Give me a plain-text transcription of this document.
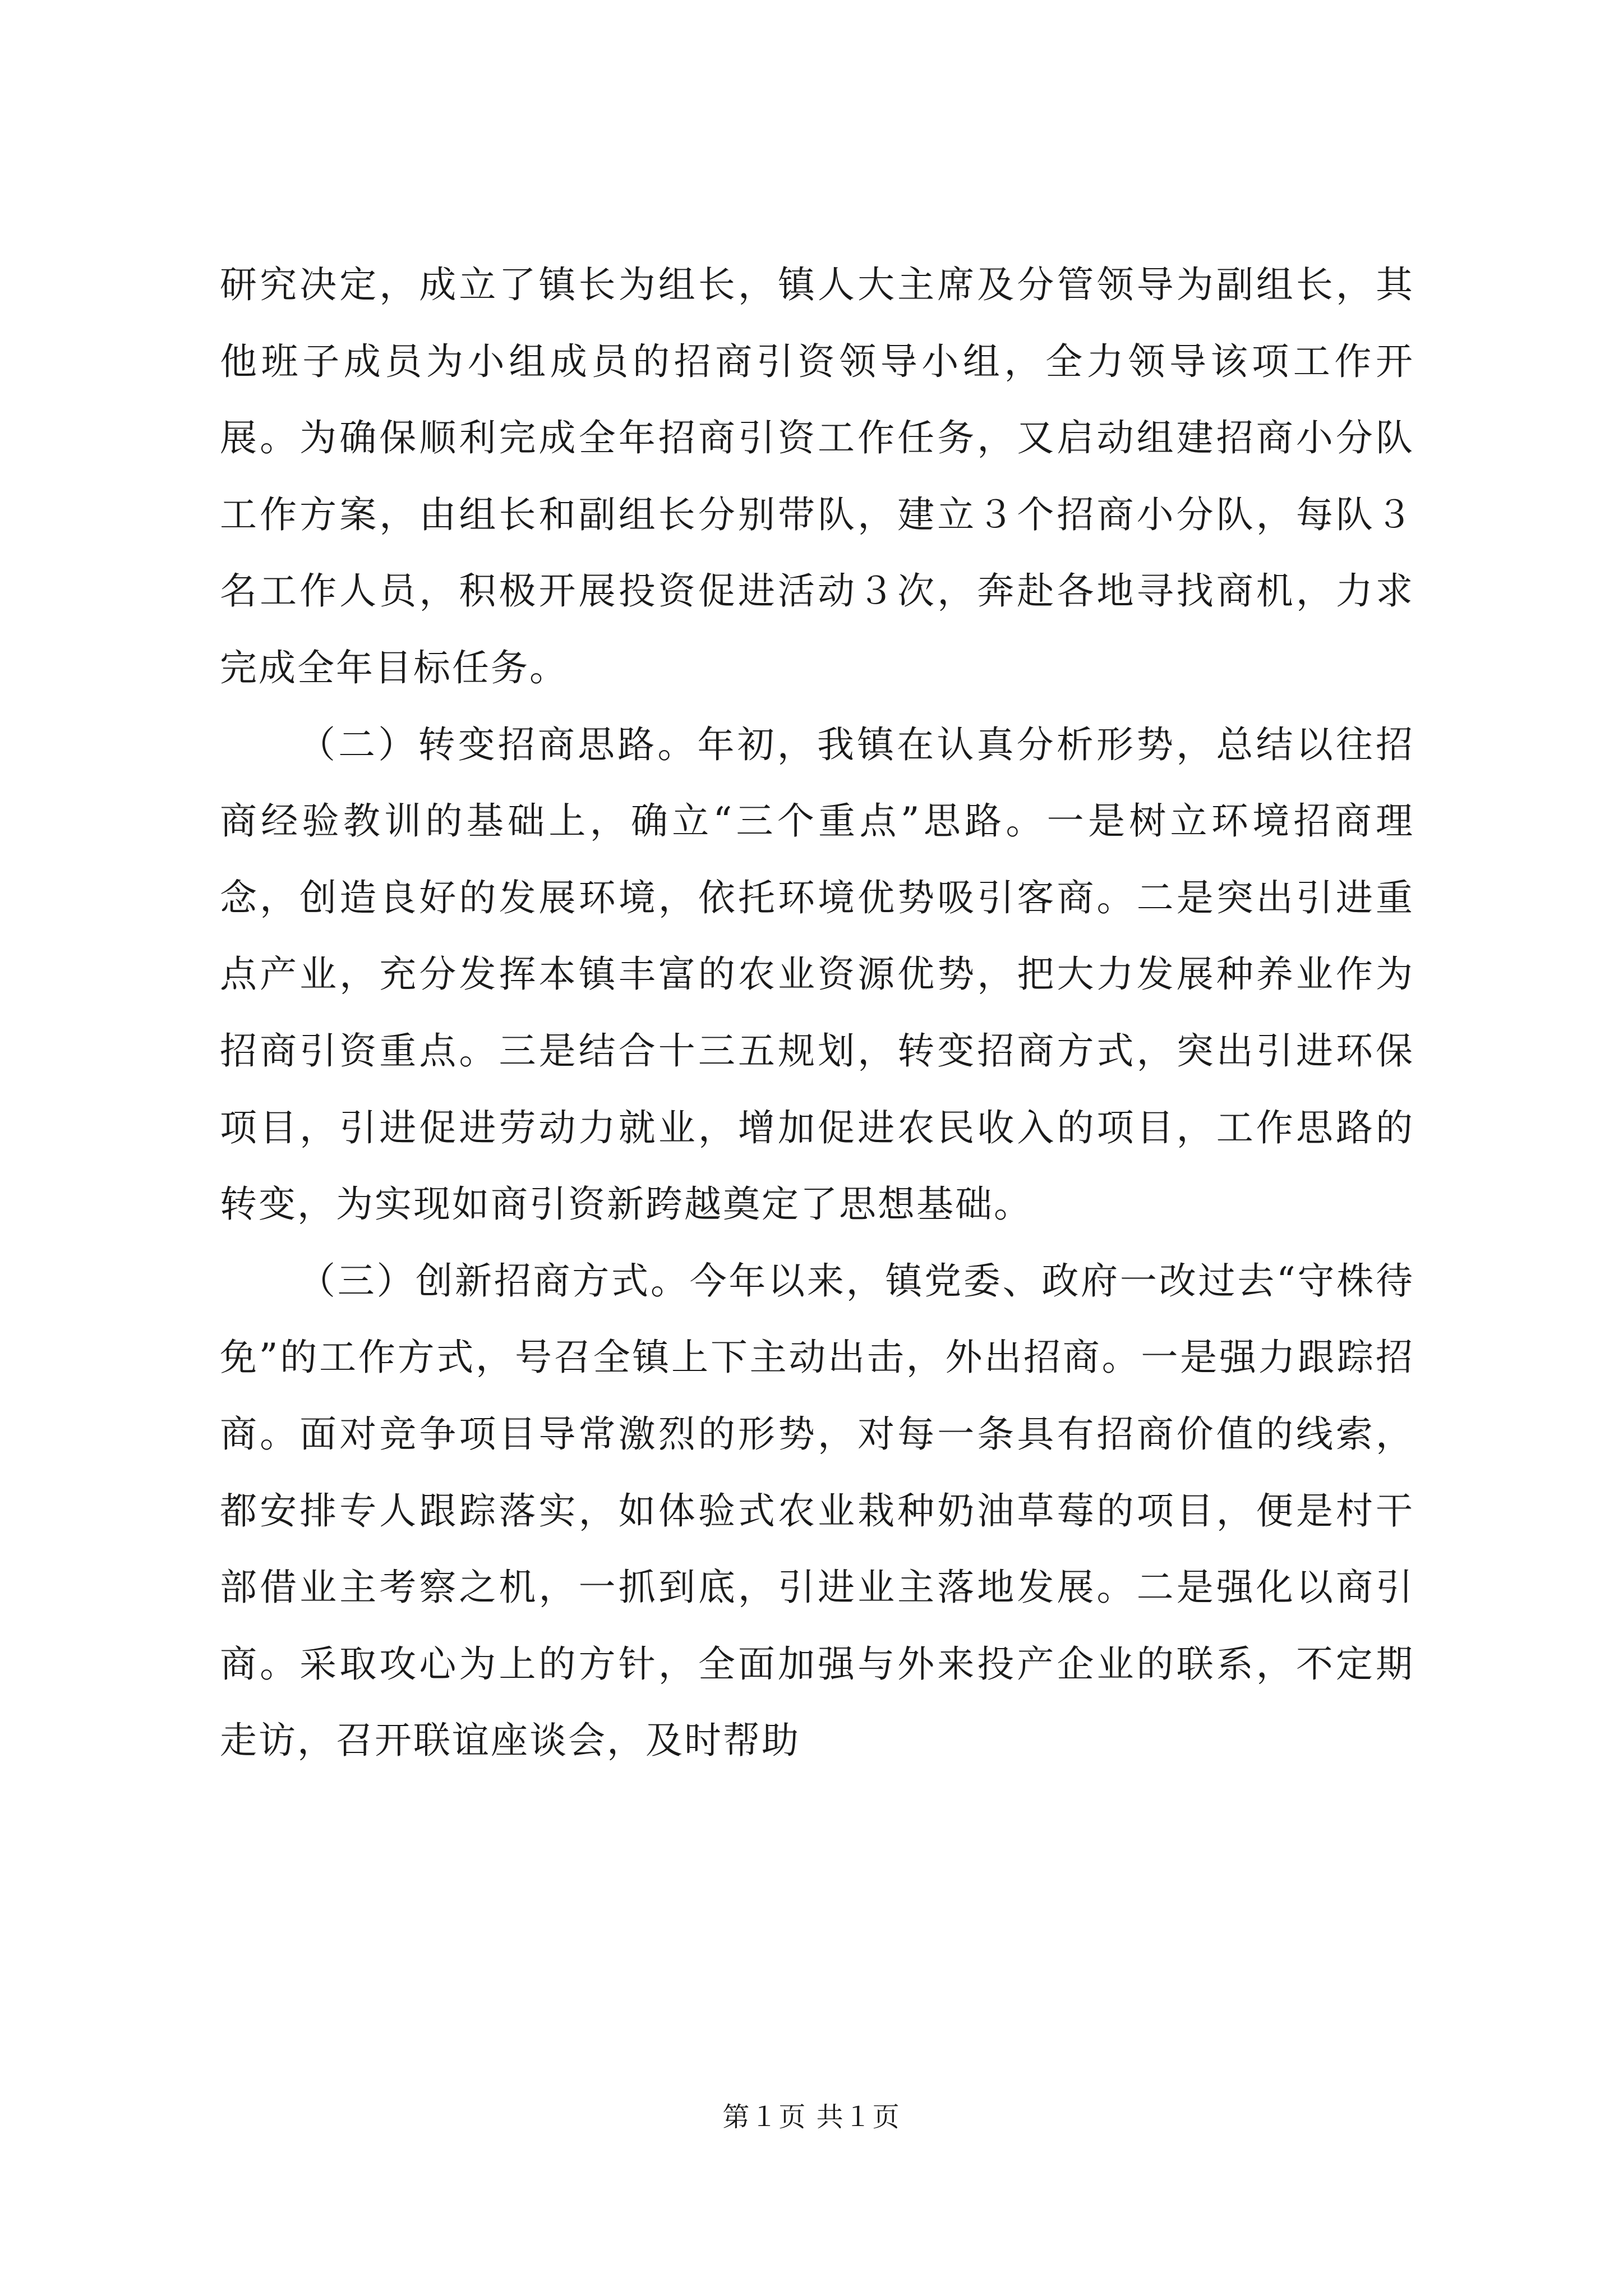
研究决定，成立了镇长为组长，镇人大主席及分管领导为副组长，其他班子成员为小组成员的招商引资领导小组，全力领导该项工作开展。为确保顺利完成全年招商引资工作任务，又启动组建招商小分队工作方案，由组长和副组长分别带队，建立３个招商小分队，每队３名工作人员，积极开展投资促进活动３次，奔赴各地寻找商机，力求完成全年目标任务。

（二）转变招商思路。年初，我镇在认真分析形势，总结以往招商经验教训的基础上，确立“三个重点”思路。一是树立环境招商理念，创造良好的发展环境，依托环境优势吸引客商。二是突出引进重点产业，充分发挥本镇丰富的农业资源优势，把大力发展种养业作为招商引资重点。三是结合十三五规划，转变招商方式，突出引进环保项目，引进促进劳动力就业，增加促进农民收入的项目，工作思路的转变，为实现如商引资新跨越奠定了思想基础。

（三）创新招商方式。今年以来，镇党委、政府一改过去“守株待免”的工作方式，号召全镇上下主动出击，外出招商。一是强力跟踪招商。面对竞争项目导常激烈的形势，对每一条具有招商价值的线索，都安排专人跟踪落实，如体验式农业栽种奶油草莓的项目，便是村干部借业主考察之机，一抓到底，引进业主落地发展。二是强化以商引商。采取攻心为上的方针，全面加强与外来投产企业的联系，不定期走访，召开联谊座谈会，及时帮助

第１页 共１页
